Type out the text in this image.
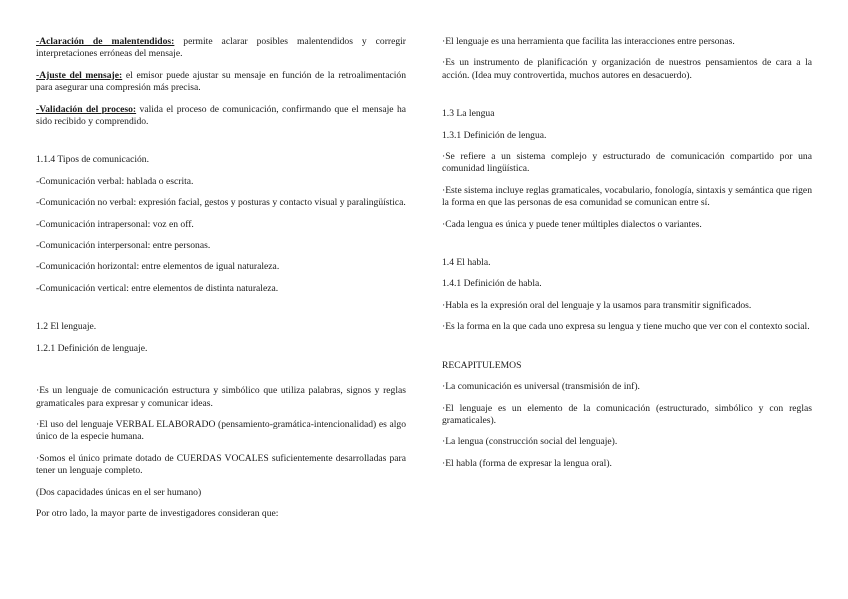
-Aclaración de malentendidos: permite aclarar posibles malentendidos y corregir interpretaciones erróneas del mensaje.

-Ajuste del mensaje: el emisor puede ajustar su mensaje en función de la retroalimentación para asegurar una compresión más precisa.

-Validación del proceso: valida el proceso de comunicación, confirmando que el mensaje ha sido recibido y comprendido.

1.1.4 Tipos de comunicación.

-Comunicación verbal: hablada o escrita.

-Comunicación no verbal: expresión facial, gestos y posturas y contacto visual y paralingüística.

-Comunicación intrapersonal: voz en off.

-Comunicación interpersonal: entre personas.

-Comunicación horizontal: entre elementos de igual naturaleza.

-Comunicación vertical: entre elementos de distinta naturaleza.

1.2 El lenguaje.

1.2.1 Definición de lenguaje.

·Es un lenguaje de comunicación estructura y simbólico que utiliza palabras, signos y reglas gramaticales para expresar y comunicar ideas.

·El uso del lenguaje VERBAL ELABORADO (pensamiento-gramática-intencionalidad) es algo único de la especie humana.

·Somos el único primate dotado de CUERDAS VOCALES suficientemente desarrolladas para tener un lenguaje completo.

(Dos capacidades únicas en el ser humano)

Por otro lado, la mayor parte de investigadores consideran que:

·El lenguaje es una herramienta que facilita las interacciones entre personas.

·Es un instrumento de planificación y organización de nuestros pensamientos de cara a la acción. (Idea muy controvertida, muchos autores en desacuerdo).

1.3 La lengua

1.3.1 Definición de lengua.

·Se refiere a un sistema complejo y estructurado de comunicación compartido por una comunidad lingüística.

·Este sistema incluye reglas gramaticales, vocabulario, fonología, sintaxis y semántica que rigen la forma en que las personas de esa comunidad se comunican entre sí.

·Cada lengua es única y puede tener múltiples dialectos o variantes.

1.4 El habla.

1.4.1 Definición de habla.

·Habla es la expresión oral del lenguaje y la usamos para transmitir significados.

·Es la forma en la que cada uno expresa su lengua y tiene mucho que ver con el contexto social.

RECAPITULEMOS

·La comunicación es universal (transmisión de inf).

·El lenguaje es un elemento de la comunicación (estructurado, simbólico y con reglas gramaticales).

·La lengua (construcción social del lenguaje).

·El habla (forma de expresar la lengua oral).
